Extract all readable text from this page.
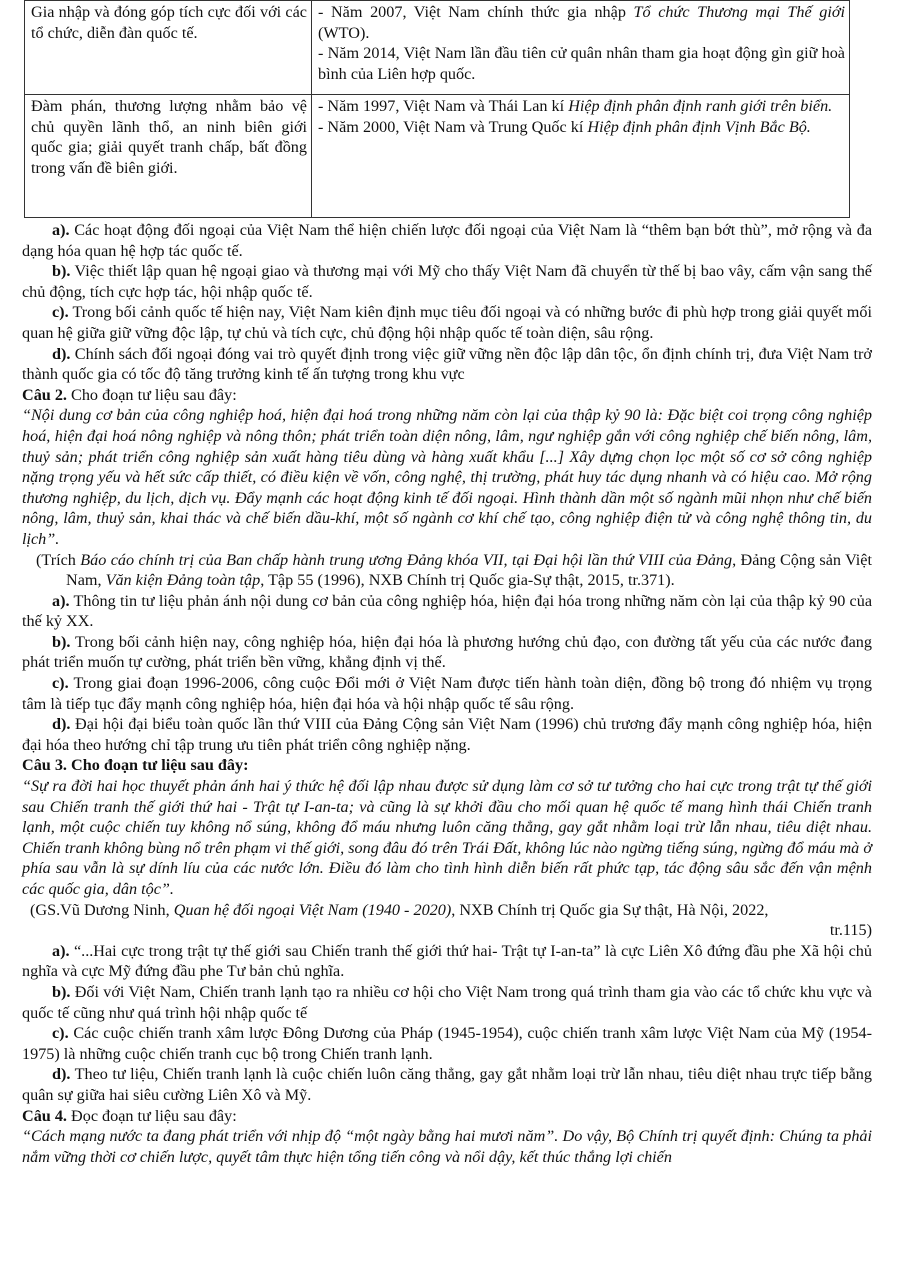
Gia nhập và đóng góp tích cực đối với các tổ chức, diễn đàn quốc tế.	- Năm 2007, Việt Nam chính thức gia nhập Tổ chức Thương mại Thế giới (WTO).
- Năm 2014, Việt Nam lần đầu tiên cử quân nhân tham gia hoạt động gìn giữ hoà bình của Liên hợp quốc.

Đàm phán, thương lượng nhằm bảo vệ chủ quyền lãnh thổ, an ninh biên giới quốc gia; giải quyết tranh chấp, bất đồng trong vấn đề biên giới.	- Năm 1997, Việt Nam và Thái Lan kí Hiệp định phân định ranh giới trên biển.
- Năm 2000, Việt Nam và Trung Quốc kí Hiệp định phân định Vịnh Bắc Bộ.

a). Các hoạt động đối ngoại của Việt Nam thể hiện chiến lược đối ngoại của Việt Nam là “thêm bạn bớt thù”, mở rộng và đa dạng hóa quan hệ hợp tác quốc tế.

b). Việc thiết lập quan hệ ngoại giao và thương mại với Mỹ cho thấy Việt Nam đã chuyển từ thế bị bao vây, cấm vận sang thế chủ động, tích cực hợp tác, hội nhập quốc tế.

c). Trong bối cảnh quốc tế hiện nay, Việt Nam kiên định mục tiêu đối ngoại và có những bước đi phù hợp trong giải quyết mối quan hệ giữa giữ vững độc lập, tự chủ và tích cực, chủ động hội nhập quốc tế toàn diện, sâu rộng.

d). Chính sách đối ngoại đóng vai trò quyết định trong việc giữ vững nền độc lập dân tộc, ổn định chính trị, đưa Việt Nam trở thành quốc gia có tốc độ tăng trưởng kinh tế ấn tượng trong khu vực

Câu 2. Cho đoạn tư liệu sau đây:

“Nội dung cơ bản của công nghiệp hoá, hiện đại hoá trong những năm còn lại của thập kỷ 90 là: Đặc biệt coi trọng công nghiệp hoá, hiện đại hoá nông nghiệp và nông thôn; phát triển toàn diện nông, lâm, ngư nghiệp gắn với công nghiệp chế biến nông, lâm, thuỷ sản; phát triển công nghiệp sản xuất hàng tiêu dùng và hàng xuất khẩu [...] Xây dựng chọn lọc một số cơ sở công nghiệp nặng trọng yếu và hết sức cấp thiết, có điều kiện về vốn, công nghệ, thị trường, phát huy tác dụng nhanh và có hiệu cao. Mở rộng thương nghiệp, du lịch, dịch vụ. Đẩy mạnh các hoạt động kinh tế đối ngoại. Hình thành dần một số ngành mũi nhọn như chế biến nông, lâm, thuỷ sản, khai thác và chế biến dầu-khí, một số ngành cơ khí chế tạo, công nghiệp điện tử và công nghệ thông tin, du lịch”.

(Trích Báo cáo chính trị của Ban chấp hành trung ương Đảng khóa VII, tại Đại hội lần thứ VIII của Đảng, Đảng Cộng sản Việt Nam, Văn kiện Đảng toàn tập, Tập 55 (1996), NXB Chính trị Quốc gia-Sự thật, 2015, tr.371).

a). Thông tin tư liệu phản ánh nội dung cơ bản của công nghiệp hóa, hiện đại hóa trong những năm còn lại của thập kỷ 90 của thế kỷ XX.

b). Trong bối cảnh hiện nay, công nghiệp hóa, hiện đại hóa là phương hướng chủ đạo, con đường tất yếu của các nước đang phát triển muốn tự cường, phát triển bền vững, khẳng định vị thế.

c). Trong giai đoạn 1996-2006, công cuộc Đổi mới ở Việt Nam được tiến hành toàn diện, đồng bộ trong đó nhiệm vụ trọng tâm là tiếp tục đẩy mạnh công nghiệp hóa, hiện đại hóa và hội nhập quốc tế sâu rộng.

d). Đại hội đại biểu toàn quốc lần thứ VIII của Đảng Cộng sản Việt Nam (1996) chủ trương đẩy mạnh công nghiệp hóa, hiện đại hóa theo hướng chỉ tập trung ưu tiên phát triển công nghiệp nặng.

Câu 3. Cho đoạn tư liệu sau đây:

“Sự ra đời hai học thuyết phản ánh hai ý thức hệ đối lập nhau được sử dụng làm cơ sở tư tưởng cho hai cực trong trật tự thế giới sau Chiến tranh thế giới thứ hai - Trật tự I-an-ta; và cũng là sự khởi đầu cho mối quan hệ quốc tế mang hình thái Chiến tranh lạnh, một cuộc chiến tuy không nổ súng, không đổ máu nhưng luôn căng thẳng, gay gắt nhằm loại trừ lẫn nhau, tiêu diệt nhau. Chiến tranh không bùng nổ trên phạm vi thế giới, song đâu đó trên Trái Đất, không lúc nào ngừng tiếng súng, ngừng đổ máu mà ở phía sau vẫn là sự dính líu của các nước lớn. Điều đó làm cho tình hình diễn biến rất phức tạp, tác động sâu sắc đến vận mệnh các quốc gia, dân tộc”.

(GS.Vũ Dương Ninh, Quan hệ đối ngoại Việt Nam (1940 - 2020), NXB Chính trị Quốc gia Sự thật, Hà Nội, 2022,

tr.115)

a). “...Hai cực trong trật tự thế giới sau Chiến tranh thế giới thứ hai- Trật tự I-an-ta” là cực Liên Xô đứng đầu phe Xã hội chủ nghĩa và cực Mỹ đứng đầu phe Tư bản chủ nghĩa.

b). Đối với Việt Nam, Chiến tranh lạnh tạo ra nhiều cơ hội cho Việt Nam trong quá trình tham gia vào các tổ chức khu vực và quốc tế cũng như quá trình hội nhập quốc tế

c). Các cuộc chiến tranh xâm lược Đông Dương của Pháp (1945-1954), cuộc chiến tranh xâm lược Việt Nam của Mỹ (1954-1975) là những cuộc chiến tranh cục bộ trong Chiến tranh lạnh.

d). Theo tư liệu, Chiến tranh lạnh là cuộc chiến luôn căng thẳng, gay gắt nhằm loại trừ lẫn nhau, tiêu diệt nhau trực tiếp bằng quân sự giữa hai siêu cường Liên Xô và Mỹ.

Câu 4. Đọc đoạn tư liệu sau đây:

“Cách mạng nước ta đang phát triển với nhịp độ “một ngày bằng hai mươi năm”. Do vậy, Bộ Chính trị quyết định: Chúng ta phải nắm vững thời cơ chiến lược, quyết tâm thực hiện tổng tiến công và nổi dậy, kết thúc thắng lợi chiến
